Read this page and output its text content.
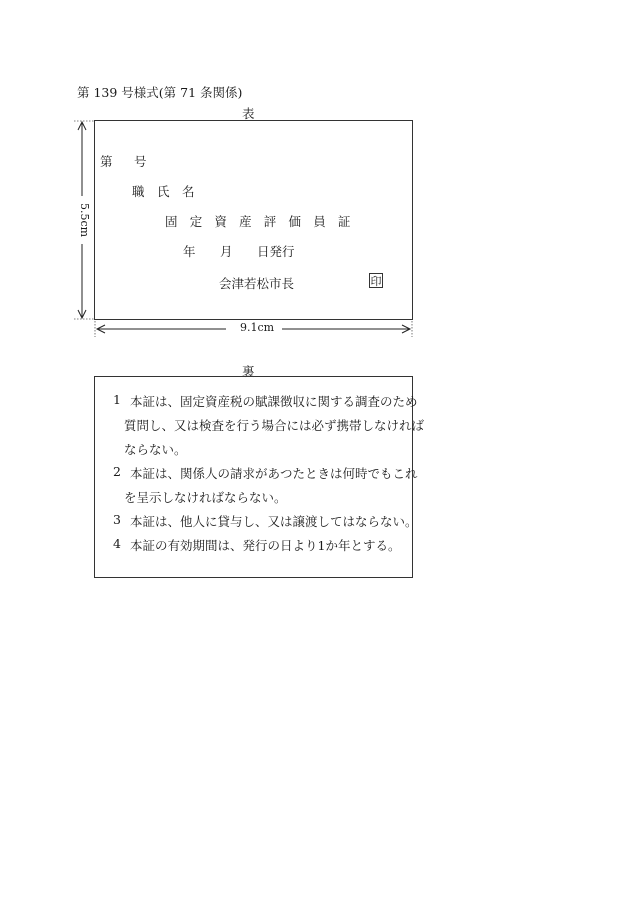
第 139 号様式(第 71 条関係)
表
第 号
職 氏 名
固 定 資 産 評 価 員 証
年 月 日発行
会津若松市長	印
5.5cm
9.1cm
裏
1 本証は、固定資産税の賦課徴収に関する調査のため
質問し、又は検査を行う場合には必ず携帯しなければ
ならない。
2 本証は、関係人の請求があつたときは何時でもこれ
を呈示しなければならない。
3 本証は、他人に貸与し、又は譲渡してはならない。
4 本証の有効期間は、発行の日より1か年とする。
